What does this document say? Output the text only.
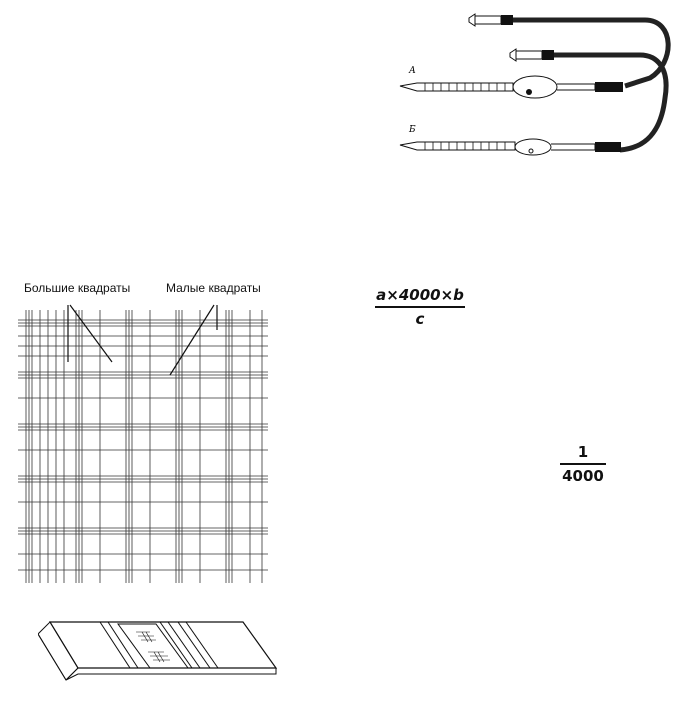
А
Б
Большие квадраты	Малые квадраты	a×4000×b
c
1
4000
